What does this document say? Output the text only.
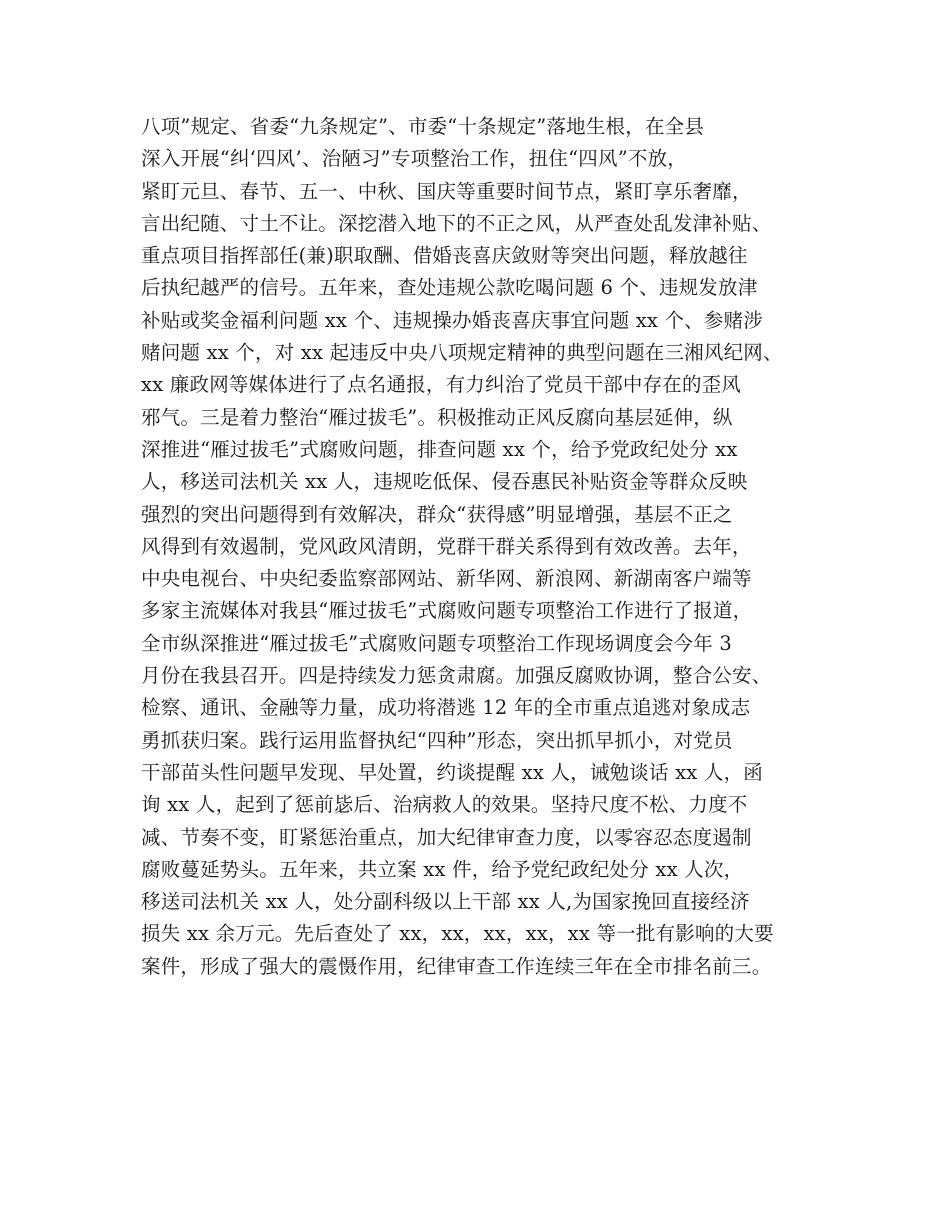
八项”规定、省委“九条规定”、市委“十条规定”落地生根，在全县
深入开展“纠‘四风’、治陋习”专项整治工作，扭住“四风”不放，
紧盯元旦、春节、五一、中秋、国庆等重要时间节点，紧盯享乐奢靡，
言出纪随、寸土不让。深挖潜入地下的不正之风，从严查处乱发津补贴、
重点项目指挥部任(兼)职取酬、借婚丧喜庆敛财等突出问题，释放越往
后执纪越严的信号。五年来，查处违规公款吃喝问题 6 个、违规发放津
补贴或奖金福利问题 xx 个、违规操办婚丧喜庆事宜问题 xx 个、参赌涉
赌问题 xx 个，对 xx 起违反中央八项规定精神的典型问题在三湘风纪网、
xx 廉政网等媒体进行了点名通报，有力纠治了党员干部中存在的歪风
邪气。三是着力整治“雁过拔毛”。积极推动正风反腐向基层延伸，纵
深推进“雁过拔毛”式腐败问题，排查问题 xx 个，给予党政纪处分 xx
人，移送司法机关 xx 人，违规吃低保、侵吞惠民补贴资金等群众反映
强烈的突出问题得到有效解决，群众“获得感”明显增强，基层不正之
风得到有效遏制，党风政风清朗，党群干群关系得到有效改善。去年，
中央电视台、中央纪委监察部网站、新华网、新浪网、新湖南客户端等
多家主流媒体对我县“雁过拔毛”式腐败问题专项整治工作进行了报道，
全市纵深推进“雁过拔毛”式腐败问题专项整治工作现场调度会今年 3
月份在我县召开。四是持续发力惩贪肃腐。加强反腐败协调，整合公安、
检察、通讯、金融等力量，成功将潜逃 12 年的全市重点追逃对象成志
勇抓获归案。践行运用监督执纪“四种”形态，突出抓早抓小，对党员
干部苗头性问题早发现、早处置，约谈提醒 xx 人，诫勉谈话 xx 人，函
询 xx 人，起到了惩前毖后、治病救人的效果。坚持尺度不松、力度不
减、节奏不变，盯紧惩治重点，加大纪律审查力度，以零容忍态度遏制
腐败蔓延势头。五年来，共立案 xx 件，给予党纪政纪处分 xx 人次，
移送司法机关 xx 人，处分副科级以上干部 xx 人,为国家挽回直接经济
损失 xx 余万元。先后查处了 xx，xx，xx，xx，xx 等一批有影响的大要
案件，形成了强大的震慑作用，纪律审查工作连续三年在全市排名前三。
